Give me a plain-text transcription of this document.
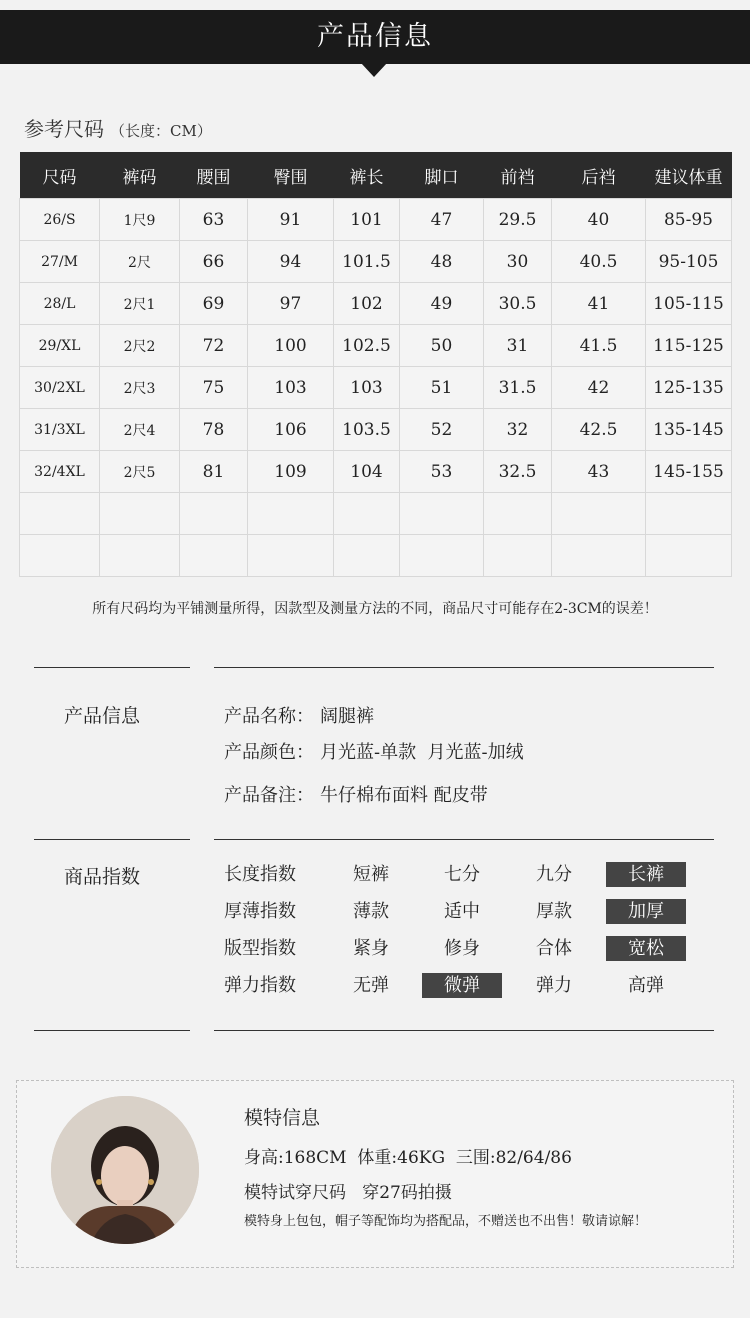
产品信息
参考尺码 （长度：CM）
尺码	裤码	腰围	臀围	裤长	脚口	前裆	后裆	建议体重
26/S	1尺9	63	91	101	47	29.5	40	85-95
27/M	2尺	66	94	101.5	48	30	40.5	95-105
28/L	2尺1	69	97	102	49	30.5	41	105-115
29/XL	2尺2	72	100	102.5	50	31	41.5	115-125
30/2XL	2尺3	75	103	103	51	31.5	42	125-135
31/3XL	2尺4	78	106	103.5	52	32	42.5	135-145
32/4XL	2尺5	81	109	104	53	32.5	43	145-155

所有尺码均为平铺测量所得，因款型及测量方法的不同，商品尺寸可能存在2-3CM的误差！
产品信息	产品名称： 阔腿裤
产品颜色： 月光蓝-单款  月光蓝-加绒
产品备注： 牛仔棉布面料 配皮带
商品指数	长度指数	短裤	七分	九分	长裤
厚薄指数	薄款	适中	厚款	加厚
版型指数	紧身	修身	合体	宽松
弹力指数	无弹	微弹	弹力	高弹
模特信息
身高:168CM  体重:46KG  三围:82/64/86
模特试穿尺码   穿27码拍摄
模特身上包包，帽子等配饰均为搭配品，不赠送也不出售！敬请谅解！
